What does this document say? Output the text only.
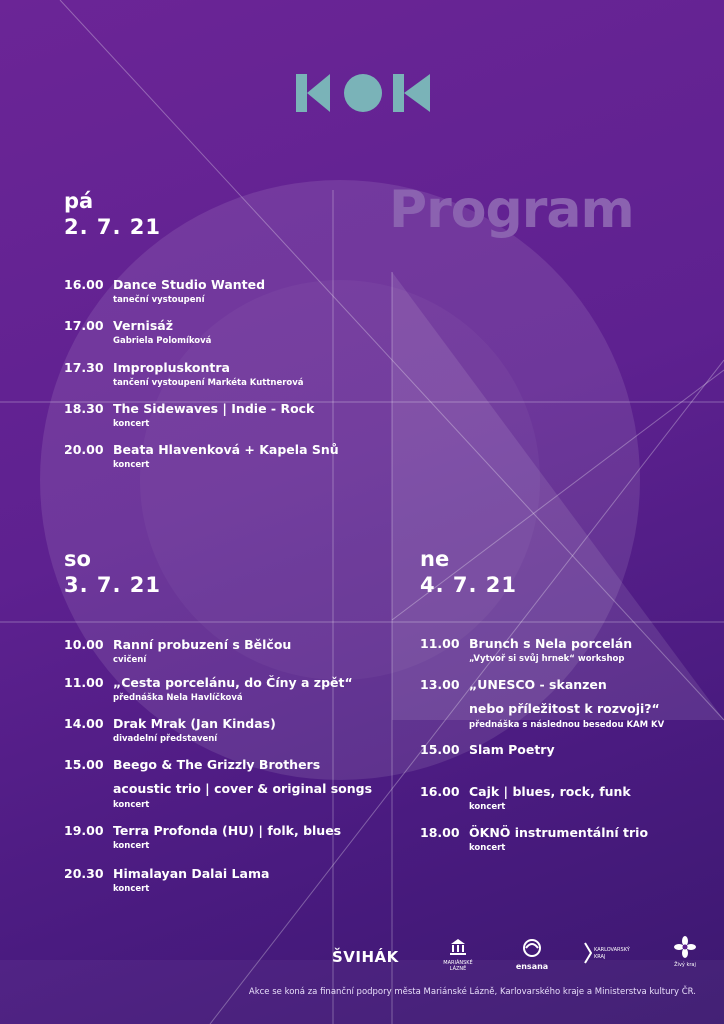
Program
pá
2. 7. 21
so
3. 7. 21
ne
4. 7. 21
16.00 Dance Studio Wanted
taneční vystoupení
17.00 Vernisáž
Gabriela Polomíková
17.30 Impropluskontra
tančení vystoupení Markéta Kuttnerová
18.30 The Sidewaves | Indie - Rock
koncert
20.00 Beata Hlavenková + Kapela Snů
koncert
10.00 Ranní probuzení s Bělčou
cvičení
11.00 „Cesta porcelánu, do Číny a zpět“
přednáška Nela Havlíčková
14.00 Drak Mrak (Jan Kindas)
divadelní představení
15.00 Beego & The Grizzly Brothers
acoustic trio | cover & original songs
koncert
19.00 Terra Profonda (HU) | folk, blues
koncert
20.30 Himalayan Dalai Lama
koncert
11.00 Brunch s Nela porcelán
„Vytvoř si svůj hrnek“ workshop
13.00 „UNESCO - skanzen
nebo příležitost k rozvoji?“
přednáška s následnou besedou KAM KV
15.00 Slam Poetry
16.00 Cajk | blues, rock, funk
koncert
18.00 ÖKNÖ instrumentální trio
koncert
ŠVIHÁK	MARIÁNSKÉ LÁZNĚ	ensana
KARLOVARSKÝ KRAJ
Živý kraj
Akce se koná za finanční podpory města Mariánské Lázně, Karlovarského kraje a Ministerstva kultury ČR.
